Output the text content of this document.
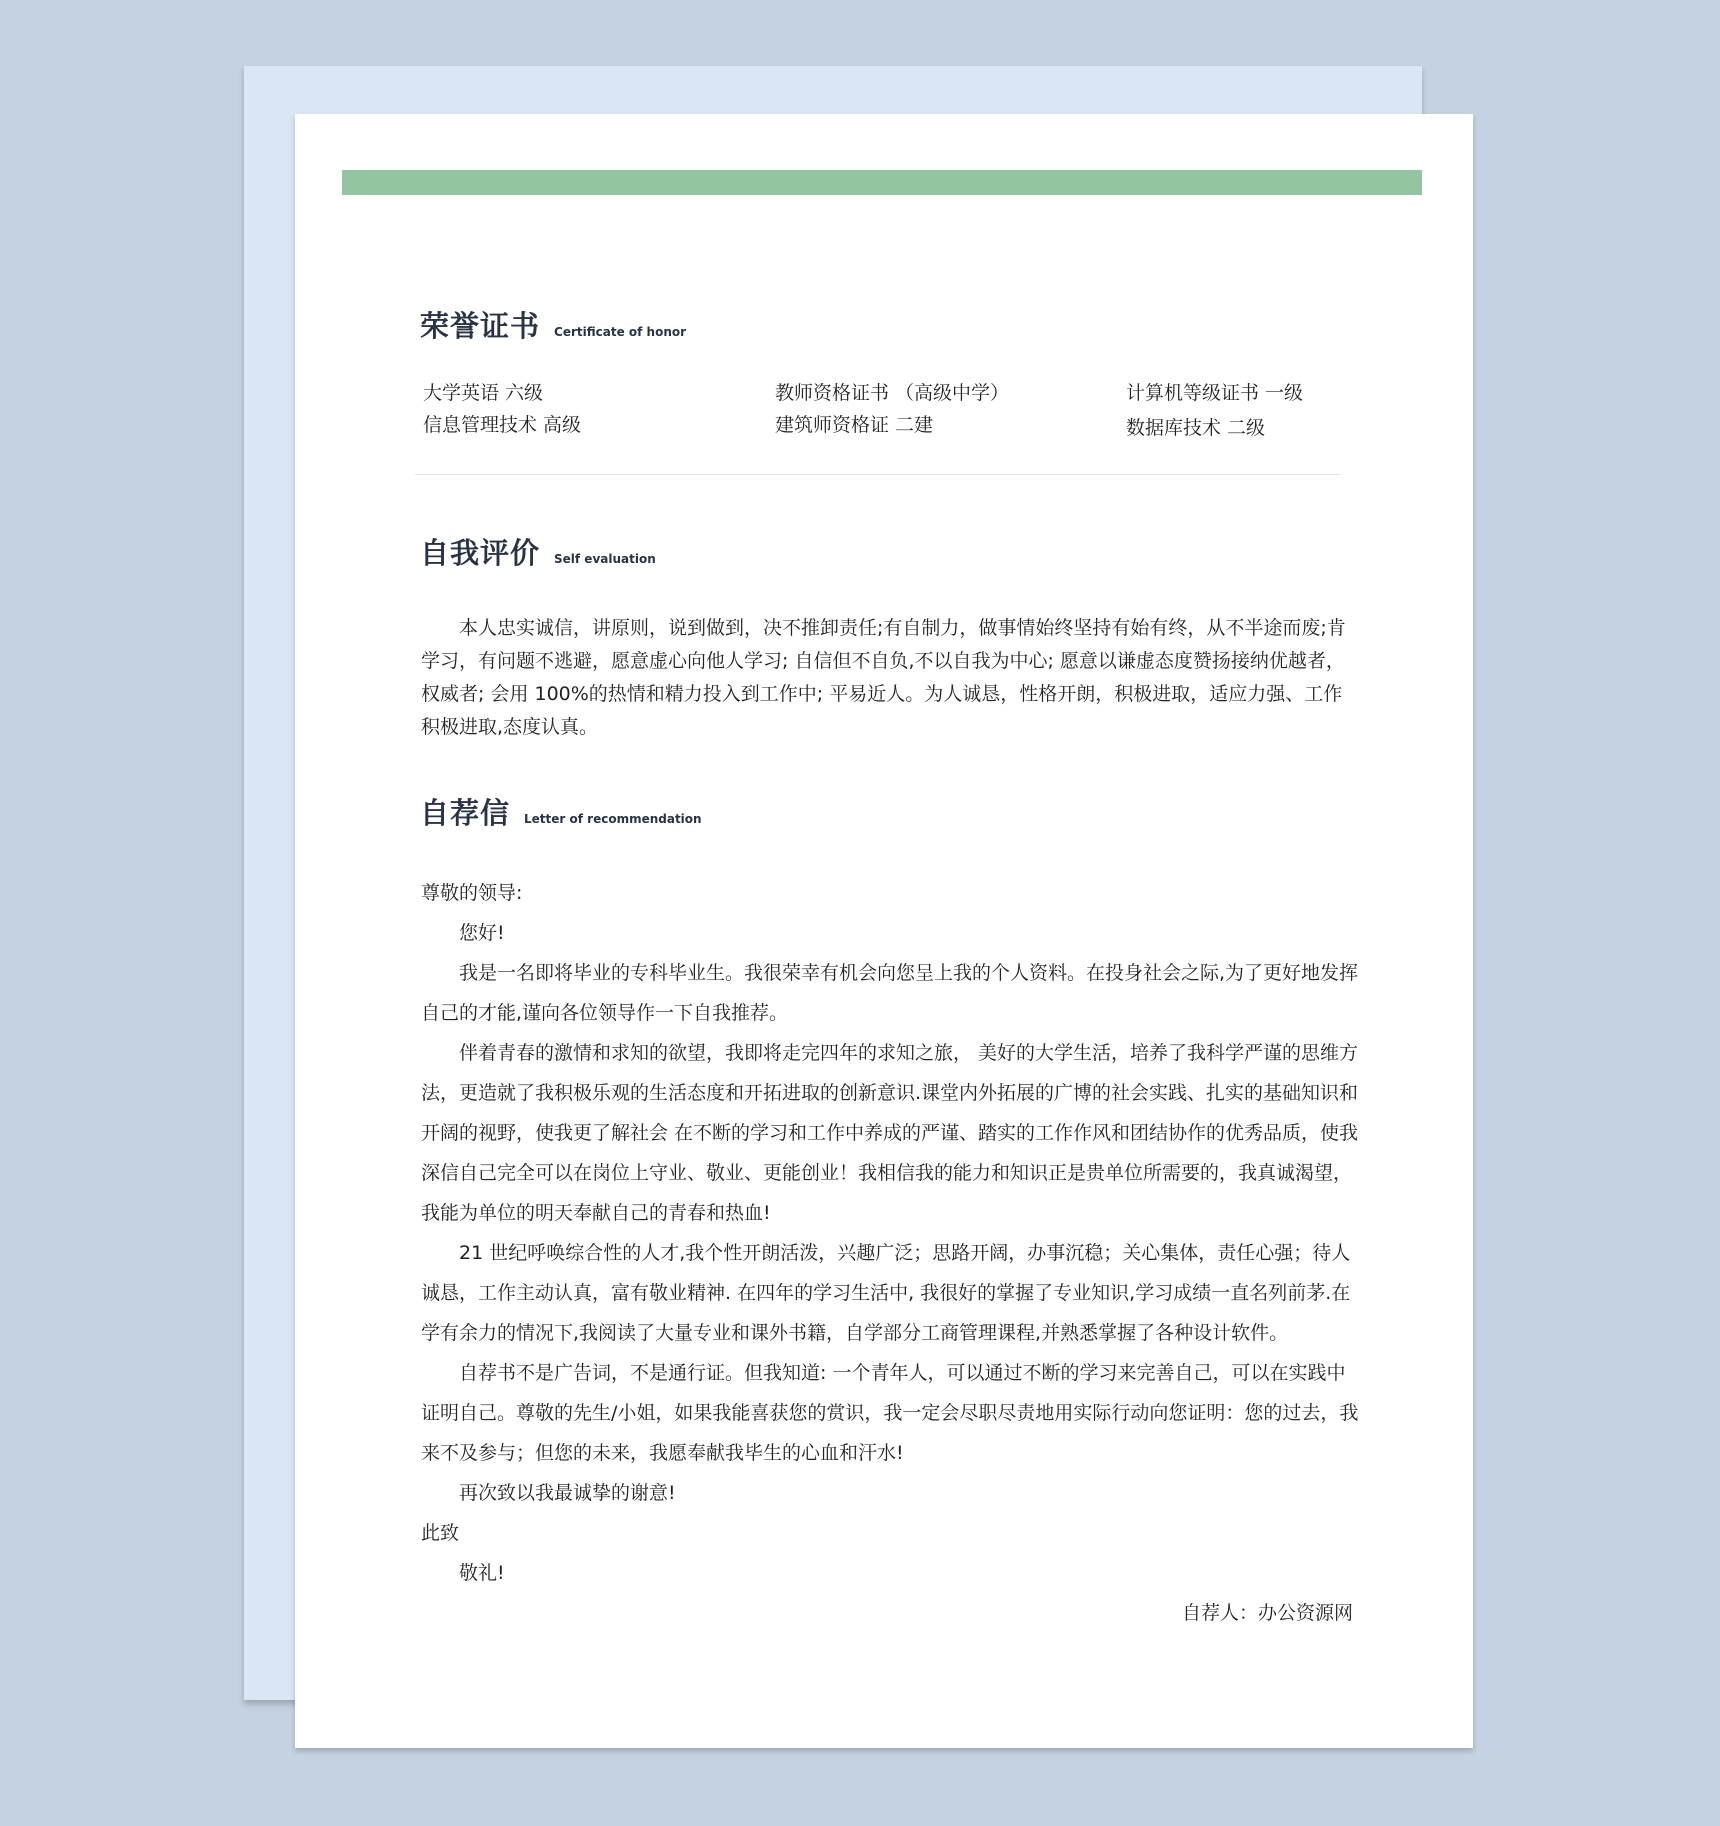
荣誉证书 Certificate of honor
大学英语 六级
信息管理技术 高级
教师资格证书 （高级中学）
建筑师资格证 二建
计算机等级证书 一级
数据库技术 二级
自我评价 Self evaluation

本人忠实诚信，讲原则，说到做到，决不推卸责任;有自制力，做事情始终坚持有始有终，从不半途而废;肯学习，有问题不逃避，愿意虚心向他人学习; 自信但不自负,不以自我为中心; 愿意以谦虚态度赞扬接纳优越者，权威者; 会用 100%的热情和精力投入到工作中; 平易近人。为人诚恳，性格开朗，积极进取，适应力强、工作积极进取,态度认真。

自荐信 Letter of recommendation
尊敬的领导:
您好!

我是一名即将毕业的专科毕业生。我很荣幸有机会向您呈上我的个人资料。在投身社会之际,为了更好地发挥自己的才能,谨向各位领导作一下自我推荐。

伴着青春的激情和求知的欲望，我即将走完四年的求知之旅， 美好的大学生活，培养了我科学严谨的思维方法，更造就了我积极乐观的生活态度和开拓进取的创新意识.课堂内外拓展的广博的社会实践、扎实的基础知识和开阔的视野，使我更了解社会 在不断的学习和工作中养成的严谨、踏实的工作作风和团结协作的优秀品质，使我深信自己完全可以在岗位上守业、敬业、更能创业！我相信我的能力和知识正是贵单位所需要的，我真诚渴望，我能为单位的明天奉献自己的青春和热血!

21 世纪呼唤综合性的人才,我个性开朗活泼，兴趣广泛；思路开阔，办事沉稳；关心集体，责任心强；待人诚恳，工作主动认真，富有敬业精神. 在四年的学习生活中, 我很好的掌握了专业知识,学习成绩一直名列前茅.在学有余力的情况下,我阅读了大量专业和课外书籍，自学部分工商管理课程,并熟悉掌握了各种设计软件。

自荐书不是广告词，不是通行证。但我知道: 一个青年人，可以通过不断的学习来完善自己，可以在实践中证明自己。尊敬的先生/小姐，如果我能喜获您的赏识，我一定会尽职尽责地用实际行动向您证明：您的过去，我来不及参与；但您的未来，我愿奉献我毕生的心血和汗水!

再次致以我最诚挚的谢意!

此致
敬礼!
自荐人：办公资源网
